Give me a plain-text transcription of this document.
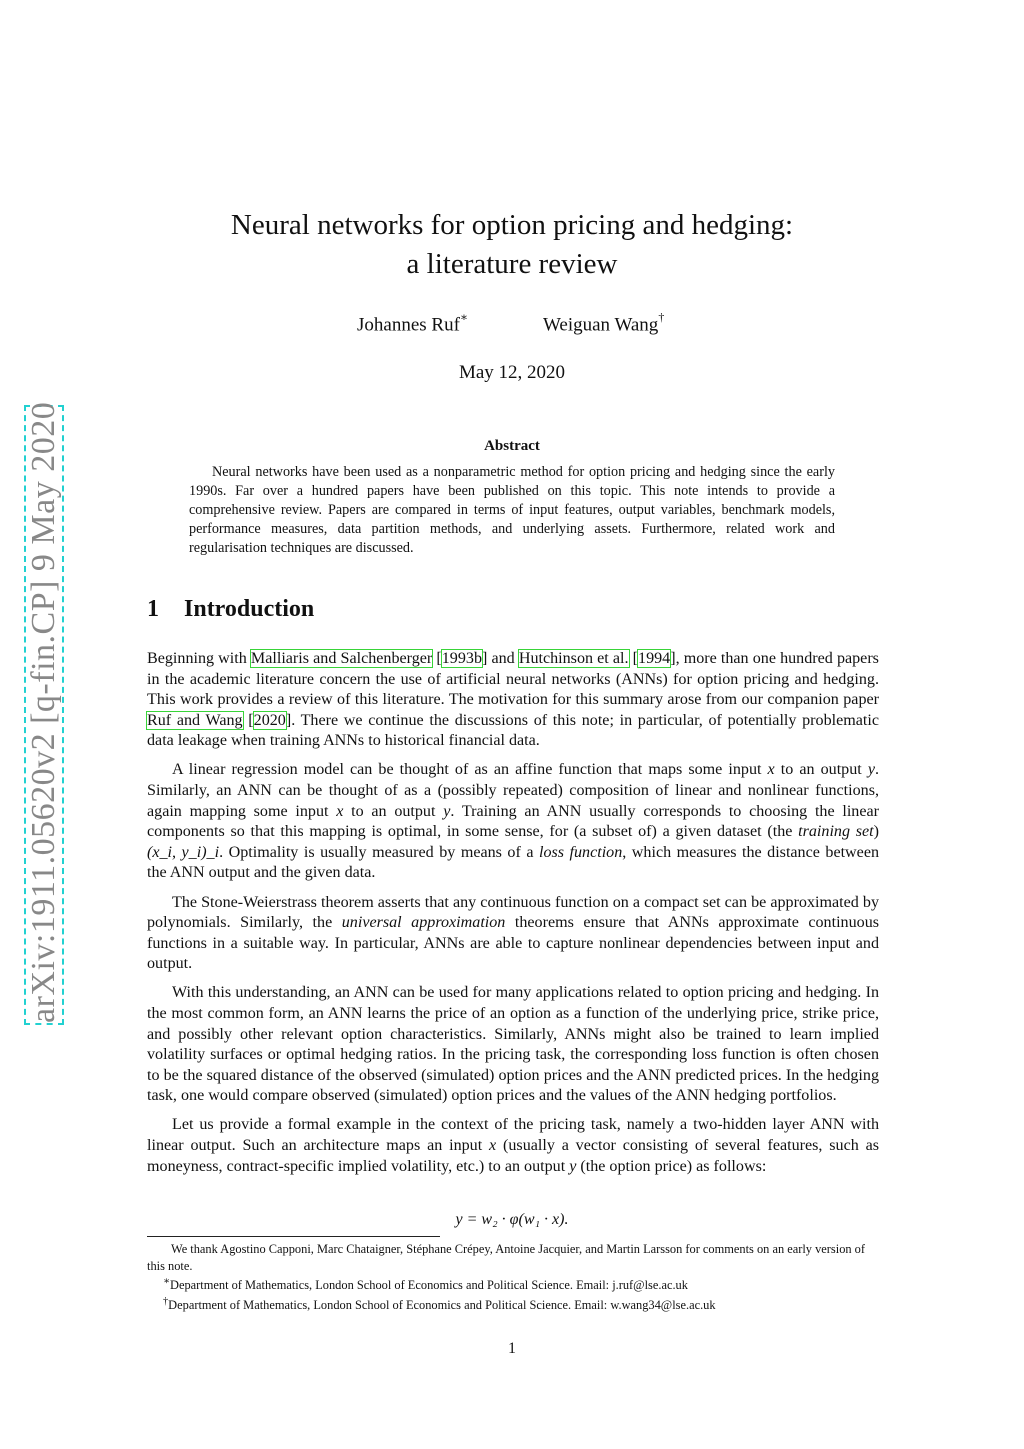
arXiv:1911.05620v2 [q-fin.CP] 9 May 2020
Neural networks for option pricing and hedging:
a literature review
Johannes Ruf∗	Weiguan Wang†
May 12, 2020
Abstract

Neural networks have been used as a nonparametric method for option pricing and hedging since the early 1990s. Far over a hundred papers have been published on this topic. This note intends to provide a comprehensive review. Papers are compared in terms of input features, output variables, benchmark models, performance measures, data partition methods, and underlying assets. Furthermore, related work and regularisation techniques are discussed.

1 Introduction

Beginning with Malliaris and Salchenberger [1993b] and Hutchinson et al. [1994], more than one hundred papers in the academic literature concern the use of artificial neural networks (ANNs) for option pricing and hedging. This work provides a review of this literature. The motivation for this summary arose from our companion paper Ruf and Wang [2020]. There we continue the discussions of this note; in particular, of potentially problematic data leakage when training ANNs to historical financial data.

A linear regression model can be thought of as an affine function that maps some input x to an output y. Similarly, an ANN can be thought of as a (possibly repeated) composition of linear and nonlinear functions, again mapping some input x to an output y. Training an ANN usually corresponds to choosing the linear components so that this mapping is optimal, in some sense, for (a subset of) a given dataset (the training set) (x_i, y_i)_i. Optimality is usually measured by means of a loss function, which measures the distance between the ANN output and the given data.

The Stone-Weierstrass theorem asserts that any continuous function on a compact set can be approximated by polynomials. Similarly, the universal approximation theorems ensure that ANNs approximate continuous functions in a suitable way. In particular, ANNs are able to capture nonlinear dependencies between input and output.

With this understanding, an ANN can be used for many applications related to option pricing and hedging. In the most common form, an ANN learns the price of an option as a function of the underlying price, strike price, and possibly other relevant option characteristics. Similarly, ANNs might also be trained to learn implied volatility surfaces or optimal hedging ratios. In the pricing task, the corresponding loss function is often chosen to be the squared distance of the observed (simulated) option prices and the ANN predicted prices. In the hedging task, one would compare observed (simulated) option prices and the values of the ANN hedging portfolios.

Let us provide a formal example in the context of the pricing task, namely a two-hidden layer ANN with linear output. Such an architecture maps an input x (usually a vector consisting of several features, such as moneyness, contract-specific implied volatility, etc.) to an output y (the option price) as follows:

y = w₂ · φ(w₁ · x).

We thank Agostino Capponi, Marc Chataigner, Stéphane Crépey, Antoine Jacquier, and Martin Larsson for comments on an early version of this note.

∗Department of Mathematics, London School of Economics and Political Science. Email: j.ruf@lse.ac.uk

†Department of Mathematics, London School of Economics and Political Science. Email: w.wang34@lse.ac.uk

1
